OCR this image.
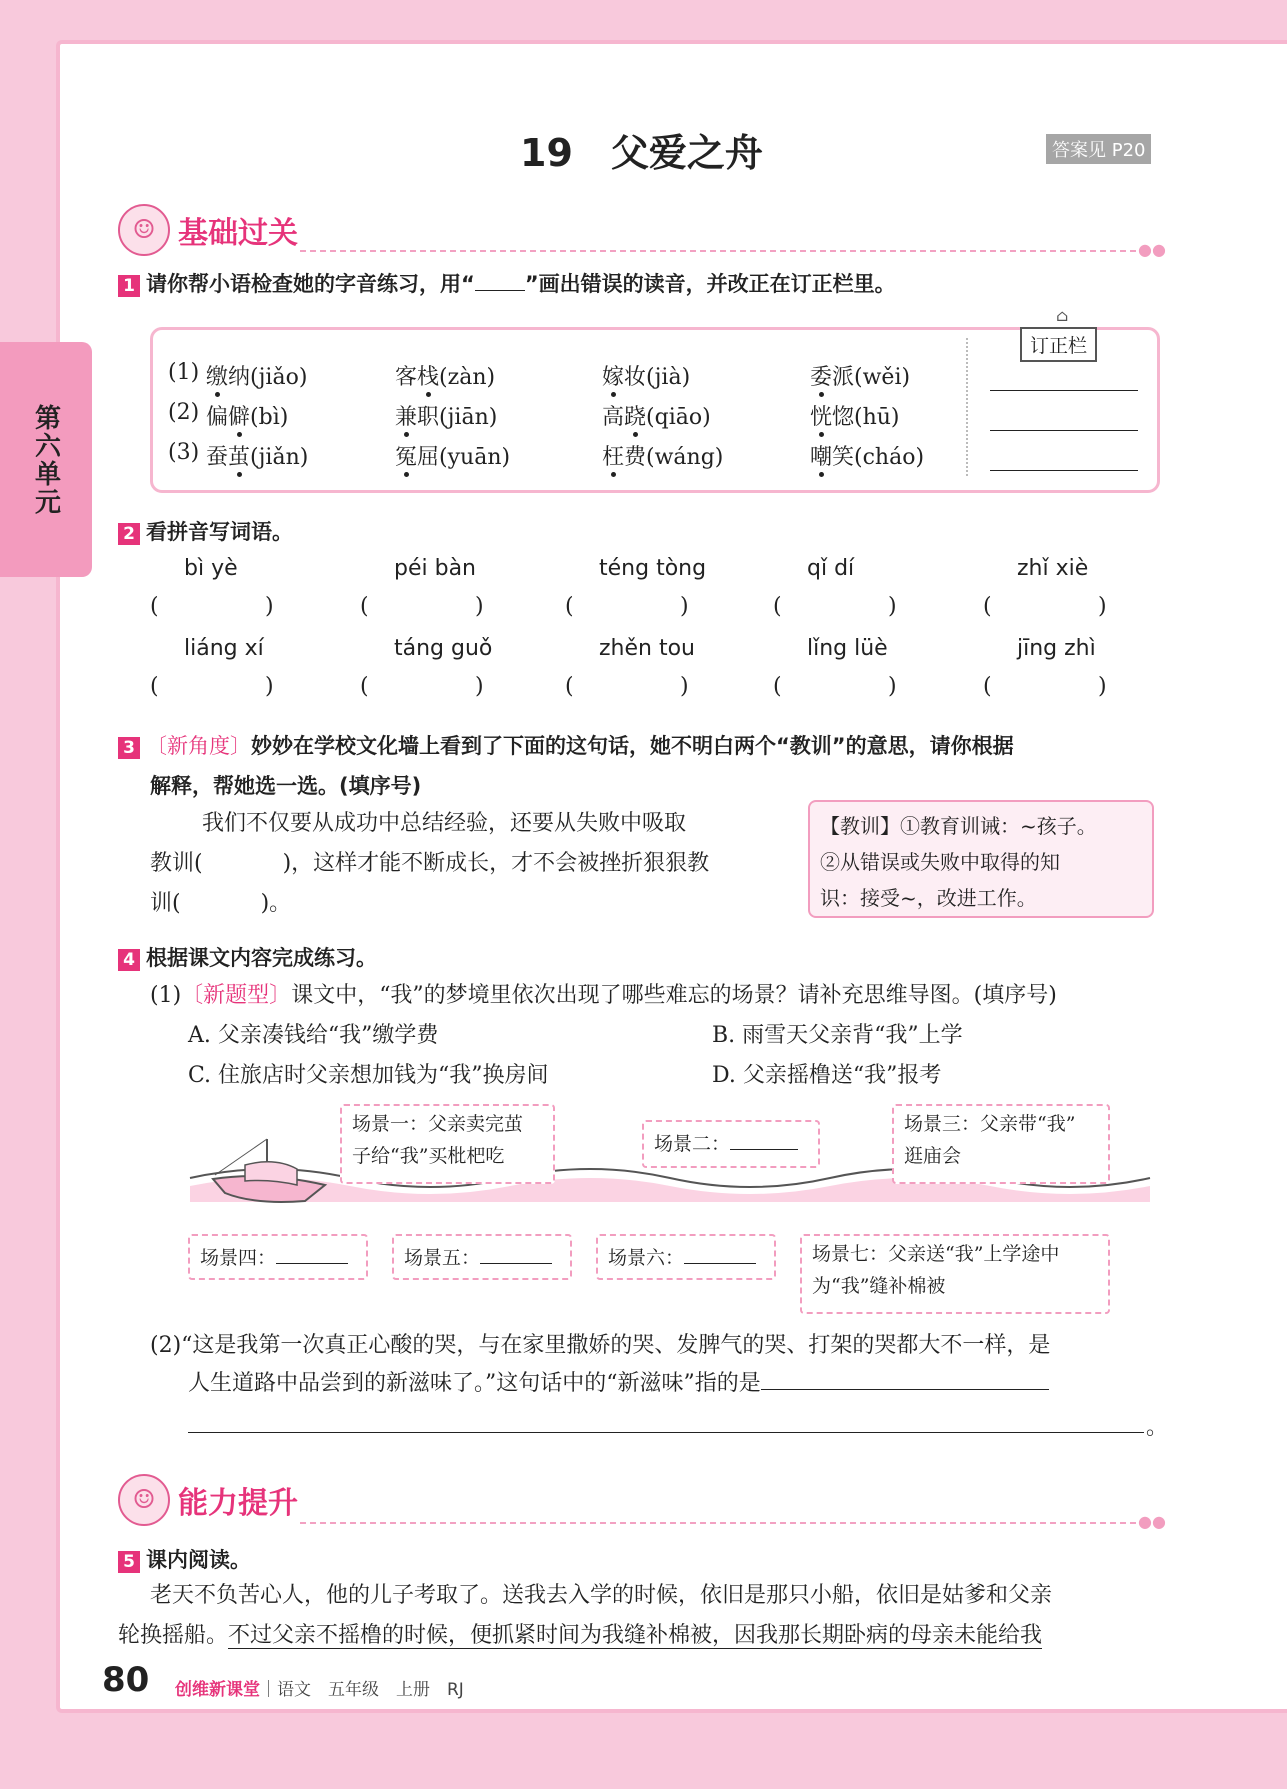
第六单元
19　父爱之舟	答案见 P20
☺ 基础过关	●●
1 请你帮小语检查她的字音练习，用“ ”画出错误的读音，并改正在订正栏里。
订正栏
⌂
(1) 缴纳(jiǎo)	客栈(zàn)	嫁妆(jià)	委派(wěi)
(2) 偏僻(bì)	兼职(jiān)	高跷(qiāo)	恍惚(hū)
(3) 蚕茧(jiǎn)	冤屈(yuān)	枉费(wáng)	嘲笑(cháo)
2 看拼音写词语。
bì yè
(	)
péi bàn
(	)
téng tòng
(	)
qǐ dí
(	)
zhǐ xiè
(	)
liáng xí
(	)
táng guǒ
(	)
zhěn tou
(	)
lǐng lüè
(	)
jīng zhì
(	)
3 〔新角度〕妙妙在学校文化墙上看到了下面的这句话，她不明白两个“教训”的意思，请你根据
解释，帮她选一选。(填序号)
我们不仅要从成功中总结经验，还要从失败中吸取
教训(	)，这样才能不断成长，才不会被挫折狠狠教
训(	)。
【教训】①教育训诫：~孩子。
②从错误或失败中取得的知
识：接受~，改进工作。
4 根据课文内容完成练习。
(1)〔新题型〕课文中，“我”的梦境里依次出现了哪些难忘的场景？请补充思维导图。(填序号)
A. 父亲凑钱给“我”缴学费	B. 雨雪天父亲背“我”上学
C. 住旅店时父亲想加钱为“我”换房间	D. 父亲摇橹送“我”报考
场景一：父亲卖完茧
子给“我”买枇杷吃
场景二：
场景三：父亲带“我”
逛庙会
场景四：	场景五：	场景六：	场景七：父亲送“我”上学途中
为“我”缝补棉被
(2)“这是我第一次真正心酸的哭，与在家里撒娇的哭、发脾气的哭、打架的哭都大不一样，是
人生道路中品尝到的新滋味了。”这句话中的“新滋味”指的是
。
☺ 能力提升
●●
5 课内阅读。
老天不负苦心人，他的儿子考取了。送我去入学的时候，依旧是那只小船，依旧是姑爹和父亲
轮换摇船。不过父亲不摇橹的时候，便抓紧时间为我缝补棉被，因我那长期卧病的母亲未能给我
80 创维新课堂｜语文　五年级　上册　RJ
